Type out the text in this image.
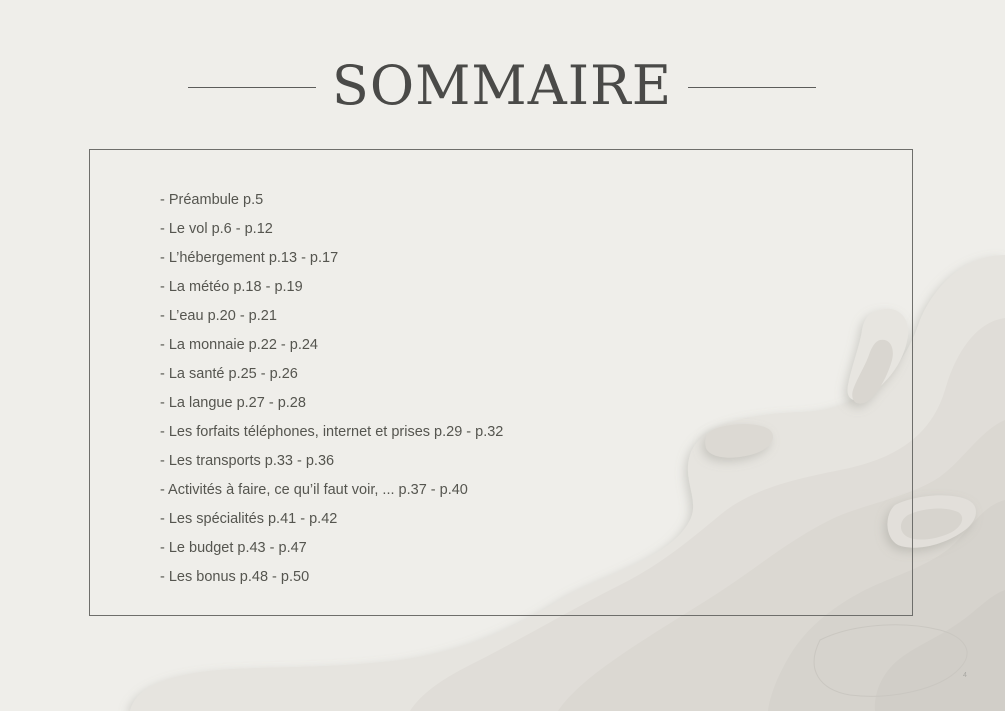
SOMMAIRE
- Préambule p.5
- Le vol p.6 - p.12
- L’hébergement p.13 - p.17
- La météo p.18 - p.19
- L’eau p.20 - p.21
- La monnaie p.22 - p.24
- La santé p.25 - p.26
- La langue p.27 - p.28
- Les forfaits téléphones, internet et prises p.29 - p.32
- Les transports p.33 - p.36
- Activités à faire, ce qu’il faut voir, ... p.37 - p.40
- Les spécialités p.41 - p.42
- Le budget p.43 - p.47
- Les bonus p.48 - p.50
4
